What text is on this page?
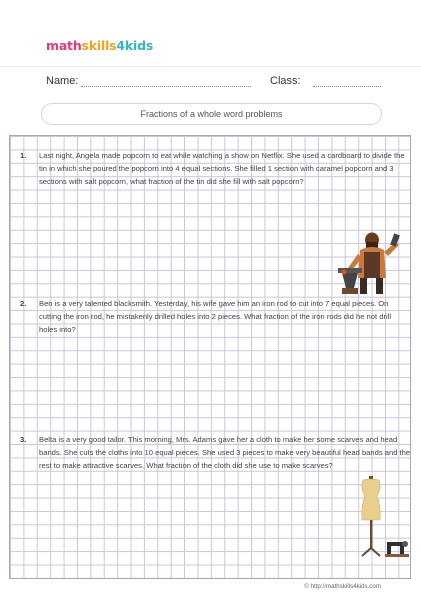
mathskills4kids
Name:	Class:
Fractions of a whole word problems
1.	Last night, Angela made popcorn to eat while watching a show on Netflix. She used a cardboard to divide the tin in which she poured the popcorn into 4 equal sections. She filled 1 section with caramel popcorn and 3 sections with salt popcorn, what fraction of the tin did she fill with salt popcorn?
2.	Ben is a very talented blacksmith. Yesterday, his wife gave him an iron rod to cut into 7 equal pieces. On cutting the iron rod, he mistakenly drilled holes into 2 pieces. What fraction of the iron rods did he not drill holes into?
3.	Belta is a very good tailor. This morning, Mrs. Adams gave her a cloth to make her some scarves and head bands. She cuts the cloths into 10 equal pieces. She used 3 pieces to make very beautiful head bands and the rest to make attractive scarves. What fraction of the cloth did she use to make scarves?
© http://mathskills4kids.com
